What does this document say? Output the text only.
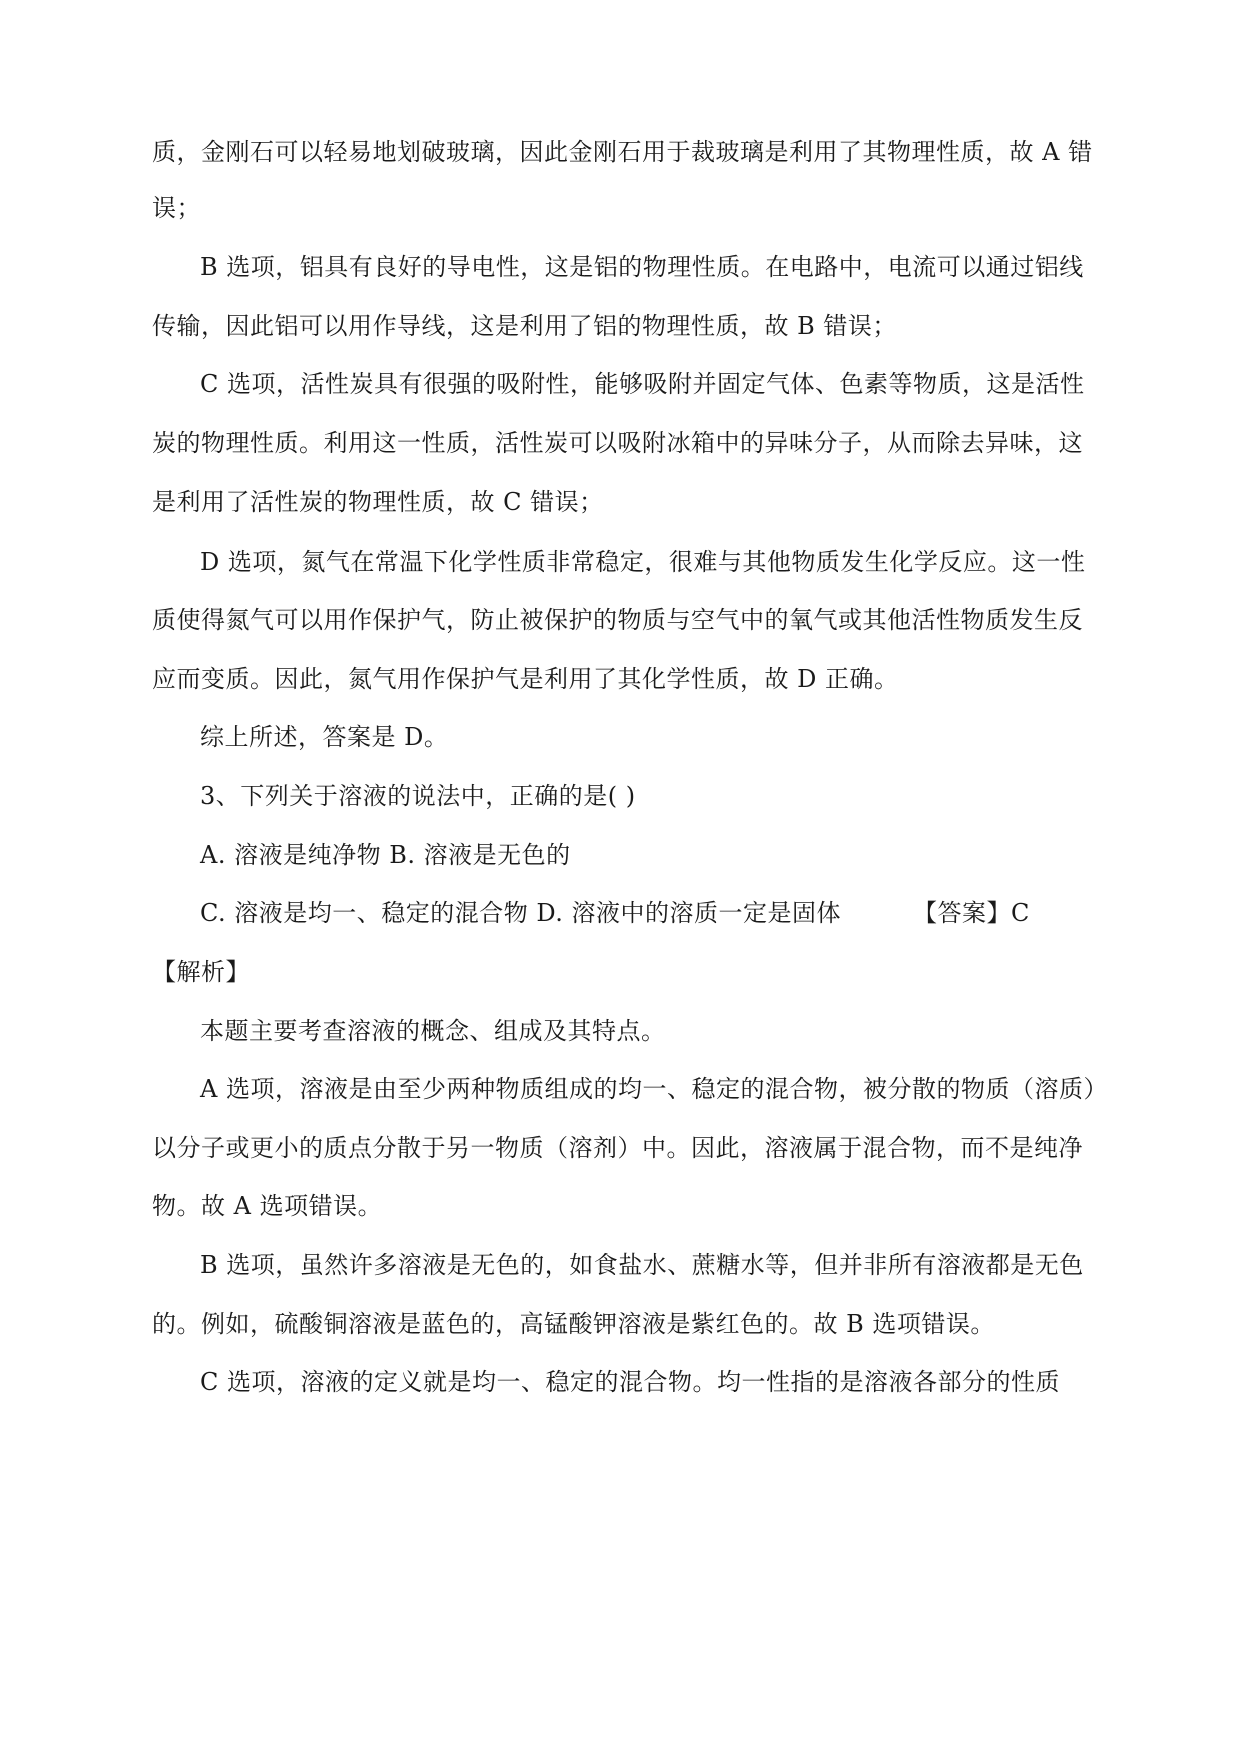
质，金刚石可以轻易地划破玻璃，因此金刚石用于裁玻璃是利用了其物理性质，故 A 错
误；
B 选项，铝具有良好的导电性，这是铝的物理性质。在电路中，电流可以通过铝线
传输，因此铝可以用作导线，这是利用了铝的物理性质，故 B 错误；
C 选项，活性炭具有很强的吸附性，能够吸附并固定气体、色素等物质，这是活性
炭的物理性质。利用这一性质，活性炭可以吸附冰箱中的异味分子，从而除去异味，这
是利用了活性炭的物理性质，故 C 错误；
D 选项，氮气在常温下化学性质非常稳定，很难与其他物质发生化学反应。这一性
质使得氮气可以用作保护气，防止被保护的物质与空气中的氧气或其他活性物质发生反
应而变质。因此，氮气用作保护气是利用了其化学性质，故 D 正确。
综上所述，答案是 D。
3、下列关于溶液的说法中，正确的是( )
A. 溶液是纯净物 B. 溶液是无色的
C. 溶液是均一、稳定的混合物 D. 溶液中的溶质一定是固体	【答案】C
【解析】
本题主要考查溶液的概念、组成及其特点。
A 选项，溶液是由至少两种物质组成的均一、稳定的混合物，被分散的物质（溶质）
以分子或更小的质点分散于另一物质（溶剂）中。因此，溶液属于混合物，而不是纯净
物。故 A 选项错误。
B 选项，虽然许多溶液是无色的，如食盐水、蔗糖水等，但并非所有溶液都是无色
的。例如，硫酸铜溶液是蓝色的，高锰酸钾溶液是紫红色的。故 B 选项错误。
C 选项，溶液的定义就是均一、稳定的混合物。均一性指的是溶液各部分的性质
